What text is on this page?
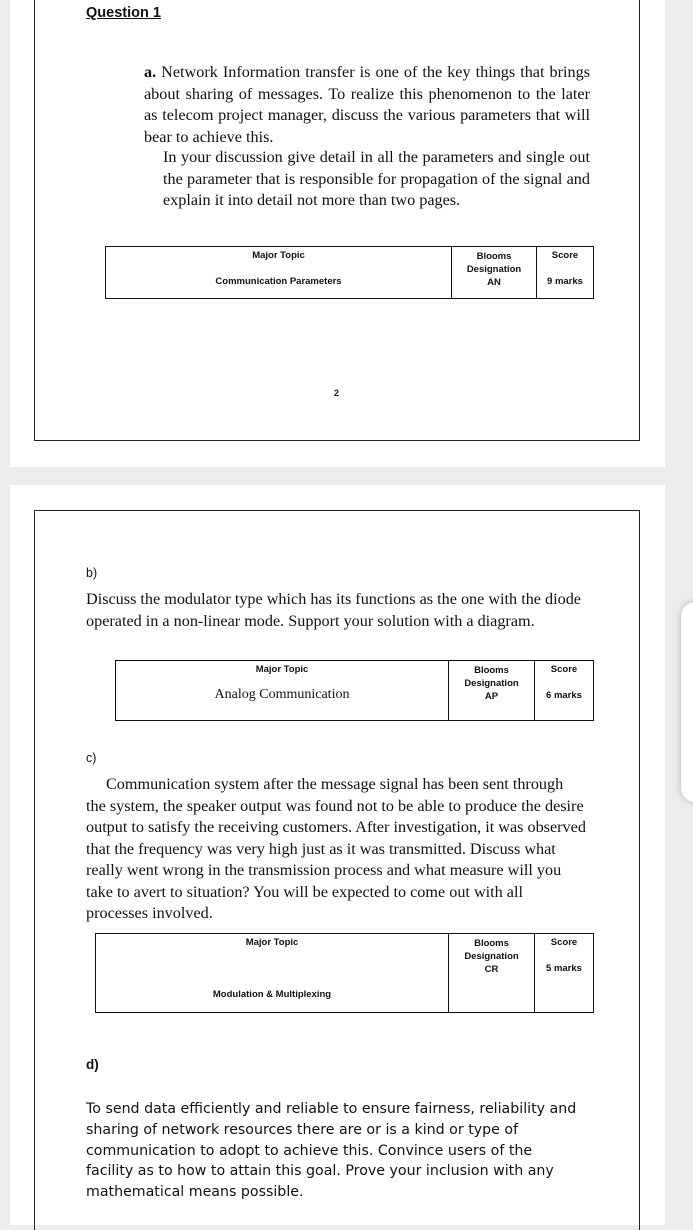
Question 1

a. Network Information transfer is one of the key things that brings about sharing of messages. To realize this phenomenon to the later as telecom project manager, discuss the various parameters that will bear to achieve this.

In your discussion give detail in all the parameters and single out the parameter that is responsible for propagation of the signal and explain it into detail not more than two pages.

Major Topic
Communication Parameters

Blooms Designation
AN

Score
9 marks
2
b)

Discuss the modulator type which has its functions as the one with the diode operated in a non-linear mode. Support your solution with a diagram.

Major Topic
Analog Communication

Blooms Designation
AP

Score
6 marks
c)

Communication system after the message signal has been sent through the system, the speaker output was found not to be able to produce the desire output to satisfy the receiving customers. After investigation, it was observed that the frequency was very high just as it was transmitted. Discuss what really went wrong in the transmission process and what measure will you take to avert to situation? You will be expected to come out with all processes involved.

Major Topic
Modulation & Multiplexing

Blooms Designation
CR

Score
5 marks
d)

To send data efficiently and reliable to ensure fairness, reliability and sharing of network resources there are or is a kind or type of communication to adopt to achieve this. Convince users of the facility as to how to attain this goal. Prove your inclusion with any mathematical means possible.
